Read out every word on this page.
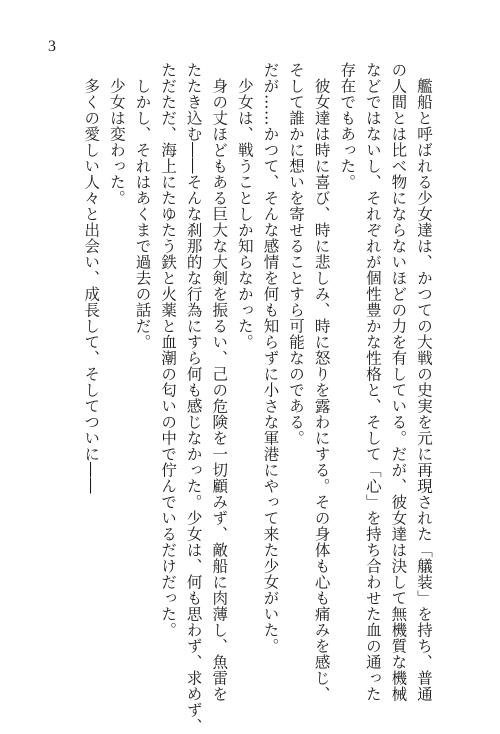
3

　艦船と呼ばれる少女達は、かつての大戦の史実を元に再現された「艤装」を持ち、普通

の人間とは比べ物にならないほどの力を有している。だが、彼女達は決して無機質な機械

などではないし、それぞれが個性豊かな性格と、そして「心」を持ち合わせた血の通った

存在でもあった。

　彼女達は時に喜び、時に悲しみ、時に怒りを露わにする。その身体も心も痛みを感じ、

そして誰かに想いを寄せることすら可能なのである。

だが……かつて、そんな感情を何も知らずに小さな軍港にやって来た少女がいた。

　少女は、戦うことしか知らなかった。

　身の丈ほどもある巨大な大剣を振るい、己の危険を一切顧みず、敵船に肉薄し、魚雷を

たたき込む――そんな刹那的な行為にすら何も感じなかった。少女は、何も思わず、求めず、

ただただ、海上にたゆたう鉄と火薬と血潮の匂いの中で佇んでいるだけだった。

　しかし、それはあくまで過去の話だ。

　少女は変わった。

　多くの愛しい人々と出会い、成長して、そしてついに――
